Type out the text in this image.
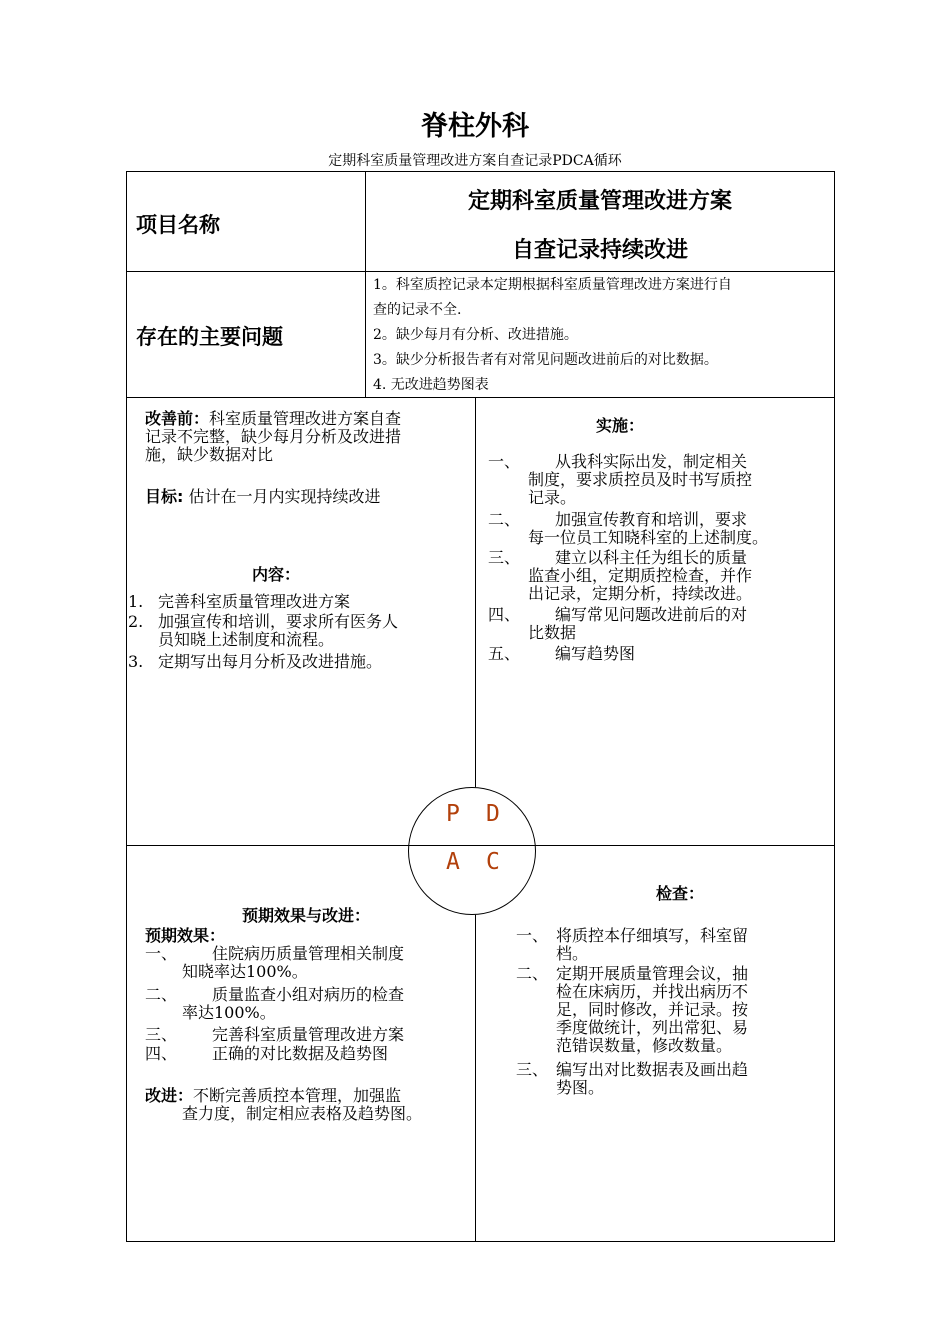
脊柱外科
定期科室质量管理改进方案自查记录PDCA循环
项目名称
定期科室质量管理改进方案
自查记录持续改进
存在的主要问题
1。科室质控记录本定期根据科室质量管理改进方案进行自
查的记录不全.
2。缺少每月有分析、改进措施。
3。缺少分析报告者有对常见问题改进前后的对比数据。
4. 无改进趋势图表
改善前：科室质量管理改进方案自查
记录不完整，缺少每月分析及改进措
施，缺少数据对比
目标: 估计在一月内实现持续改进
内容：
1. 完善科室质量管理改进方案
2. 加强宣传和培训，要求所有医务人
员知晓上述制度和流程。
3. 定期写出每月分析及改进措施。
实施：
一、 从我科实际出发，制定相关
制度，要求质控员及时书写质控
记录。
二、 加强宣传教育和培训，要求
每一位员工知晓科室的上述制度。
三、 建立以科主任为组长的质量
监查小组，定期质控检查，并作
出记录，定期分析，持续改进。
四、 编写常见问题改进前后的对
比数据
五、 编写趋势图
P D
A C
预期效果与改进：
预期效果：
一、 住院病历质量管理相关制度
知晓率达100%。
二、 质量监查小组对病历的检查
率达100%。
三、 完善科室质量管理改进方案
四、 正确的对比数据及趋势图
改进：不断完善质控本管理，加强监
查力度，制定相应表格及趋势图。
检查：
一、 将质控本仔细填写，科室留
档。
二、 定期开展质量管理会议，抽
检在床病历，并找出病历不
足，同时修改，并记录。按
季度做统计，列出常犯、易
范错误数量，修改数量。
三、 编写出对比数据表及画出趋
势图。
